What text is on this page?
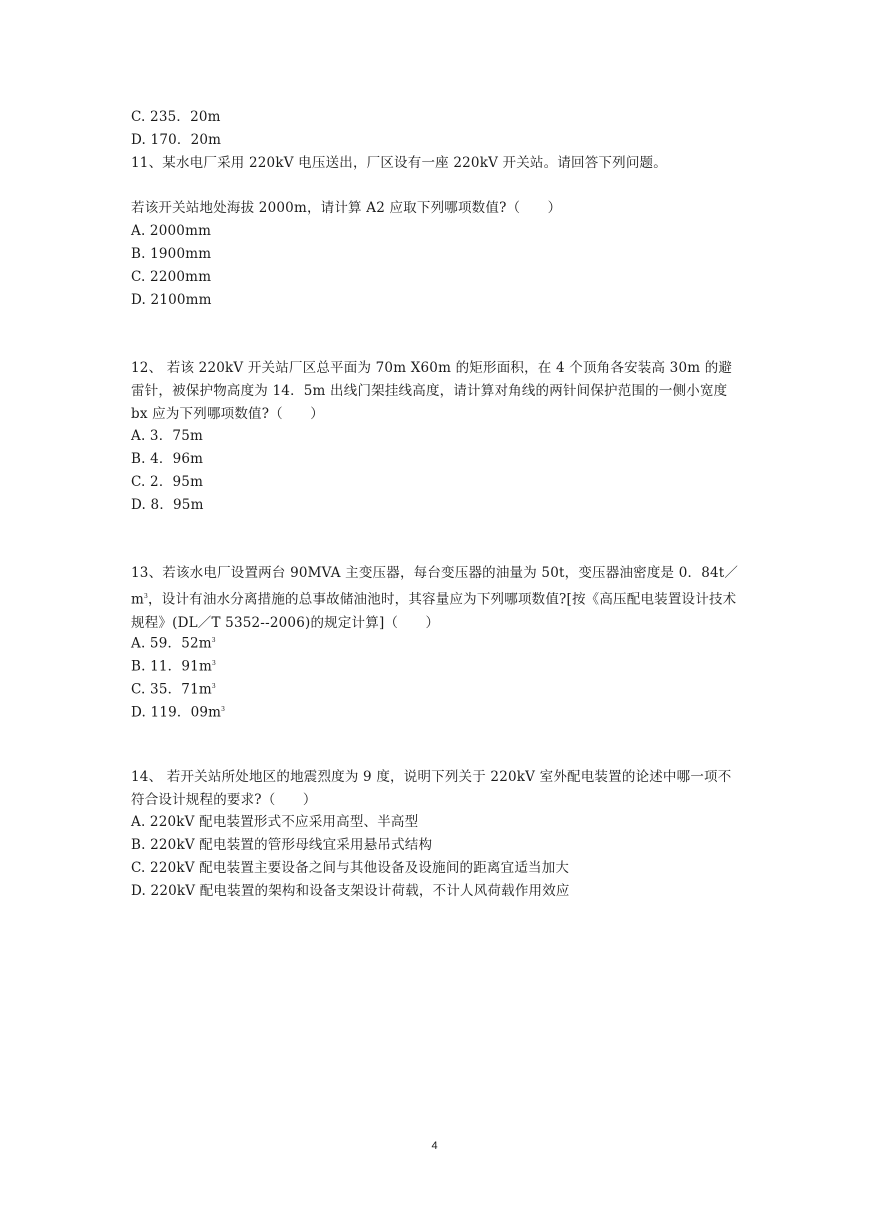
C. 235．20m
D. 170．20m
11、某水电厂采用 220kV 电压送出，厂区设有一座 220kV 开关站。请回答下列问题。
若该开关站地处海拔 2000m，请计算 A2 应取下列哪项数值?（　　）
A. 2000mm
B. 1900mm
C. 2200mm
D. 2100mm
12、 若该 220kV 开关站厂区总平面为 70m X60m 的矩形面积，在 4 个顶角各安装高 30m 的避雷针，被保护物高度为 14．5m 出线门架挂线高度，请计算对角线的两针间保护范围的一侧小宽度 bx 应为下列哪项数值?（　　）
A. 3．75m
B. 4．96m
C. 2．95m
D. 8．95m
13、若该水电厂设置两台 90MVA 主变压器，每台变压器的油量为 50t，变压器油密度是 0．$84t/m^3$，设计有油水分离措施的总事故储油池时，其容量应为下列哪项数值?[按《高压配电装置设计技术规程》(DL／T 5352--2006)的规定计算]（　　）
A. 59．$52m^3$
B. 11．$91m^3$
C. 35．$71m^3$
D. 119．$09m^3$
14、 若开关站所处地区的地震烈度为 9 度，说明下列关于 220kV 室外配电装置的论述中哪一项不符合设计规程的要求?（　　）
A. 220kV 配电装置形式不应采用高型、半高型
B. 220kV 配电装置的管形母线宜采用悬吊式结构
C. 220kV 配电装置主要设备之间与其他设备及设施间的距离宜适当加大
D. 220kV 配电装置的架构和设备支架设计荷载，不计人风荷载作用效应
4
